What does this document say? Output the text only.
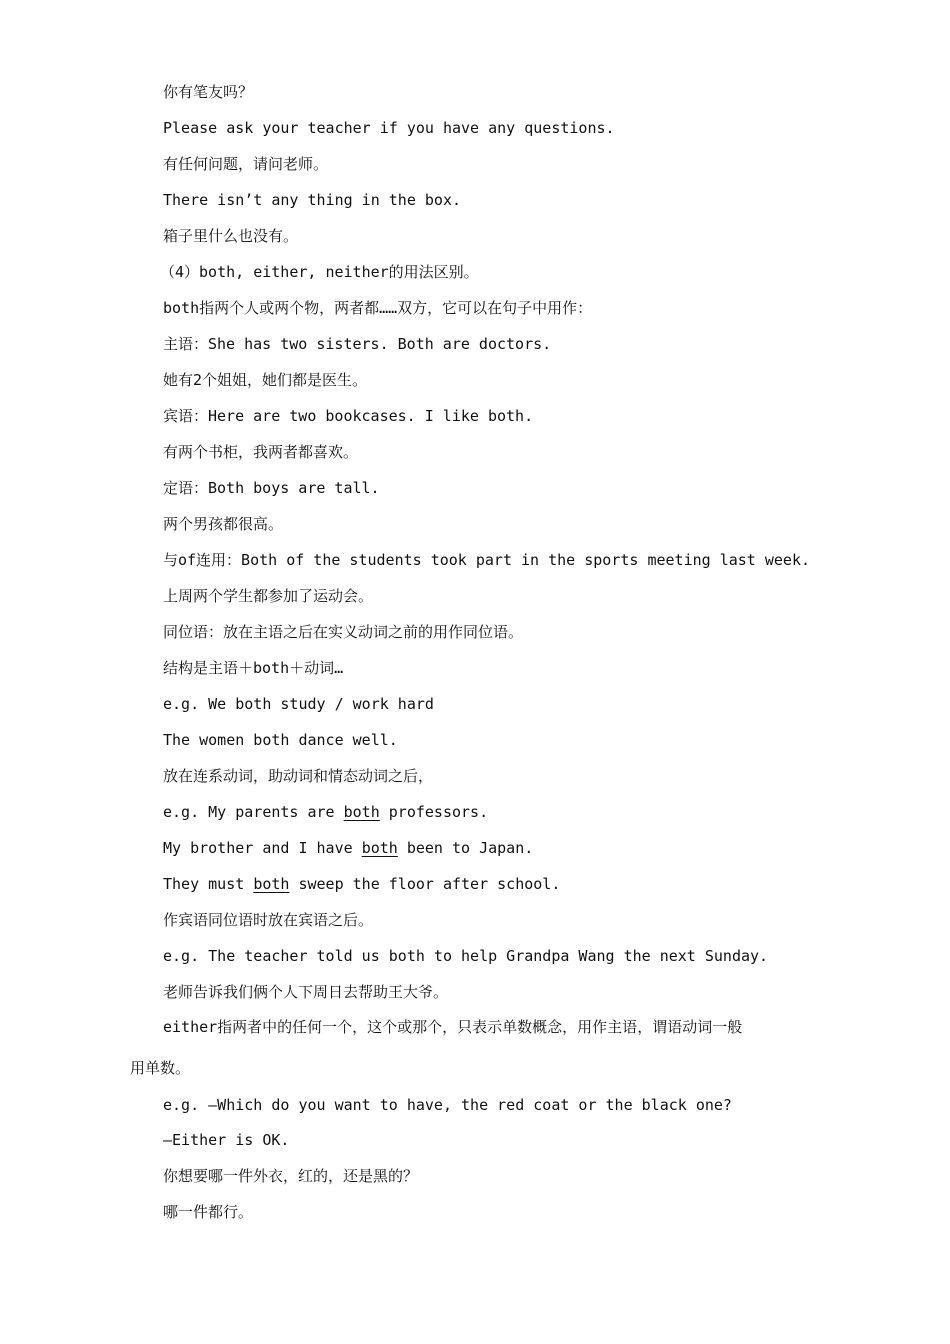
你有笔友吗？
Please ask your teacher if you have any questions.
有任何问题，请问老师。
There isn’t any thing in the box.
箱子里什么也没有。
（4）both, either, neither的用法区别。
both指两个人或两个物，两者都……双方，它可以在句子中用作：
主语：She has two sisters. Both are doctors.
她有2个姐姐，她们都是医生。
宾语：Here are two bookcases. I like both.
有两个书柜，我两者都喜欢。
定语：Both boys are tall.
两个男孩都很高。
与of连用：Both of the students took part in the sports meeting last week.
上周两个学生都参加了运动会。
同位语：放在主语之后在实义动词之前的用作同位语。
结构是主语＋both＋动词…
e.g. We both study / work hard
The women both dance well.
放在连系动词，助动词和情态动词之后，
e.g. My parents are both professors.
My brother and I have both been to Japan.
They must both sweep the floor after school.
作宾语同位语时放在宾语之后。
e.g. The teacher told us both to help Grandpa Wang the next Sunday.
老师告诉我们俩个人下周日去帮助王大爷。
either指两者中的任何一个，这个或那个，只表示单数概念，用作主语，谓语动词一般
用单数。
e.g. —Which do you want to have, the red coat or the black one?
—Either is OK.
你想要哪一件外衣，红的，还是黑的？
哪一件都行。
